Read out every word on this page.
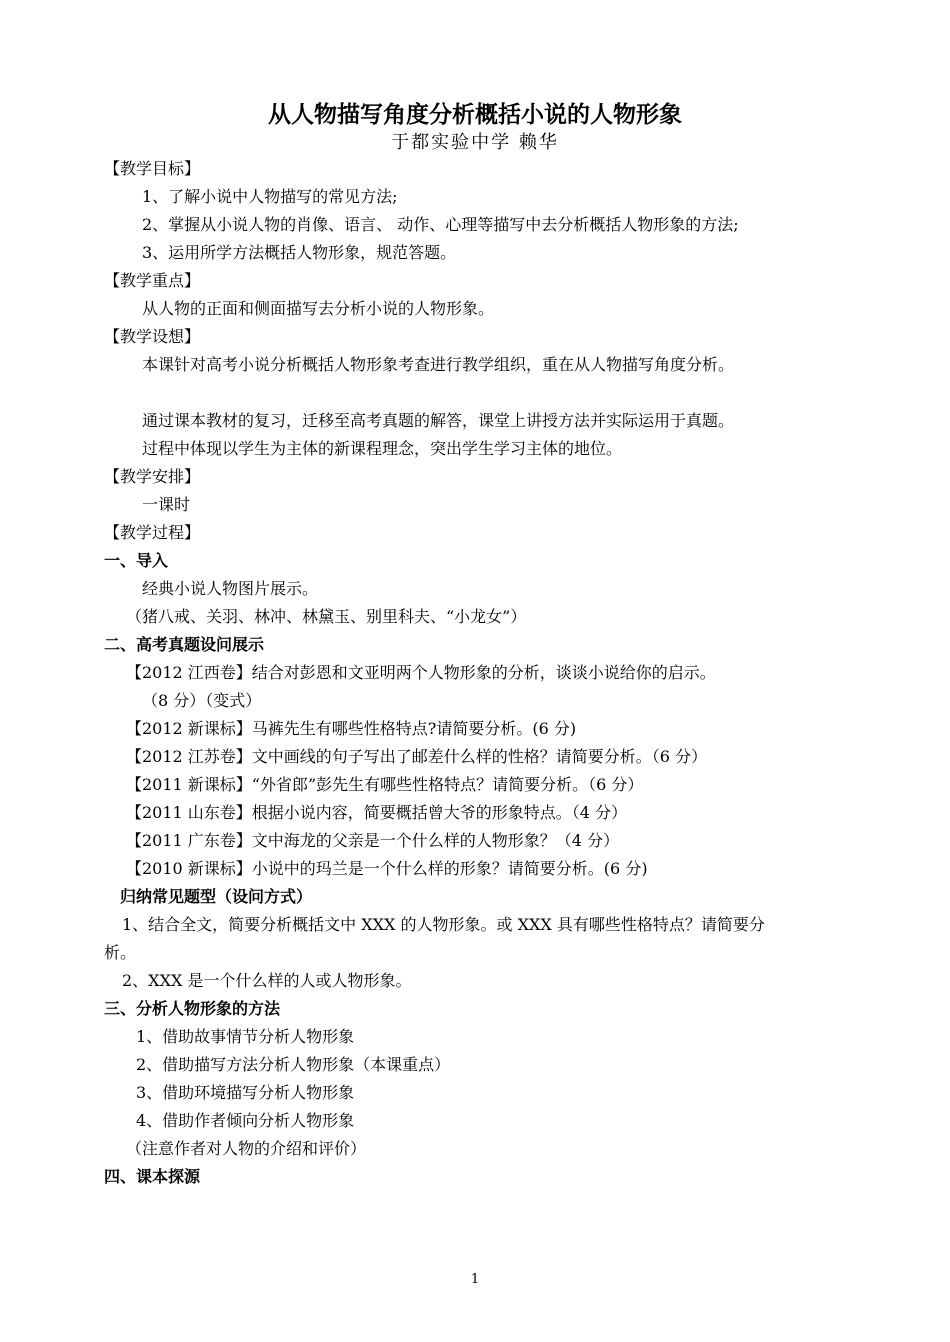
从人物描写角度分析概括小说的人物形象
于都实验中学 赖华
【教学目标】
1、了解小说中人物描写的常见方法;
2、掌握从小说人物的肖像、语言、 动作、心理等描写中去分析概括人物形象的方法;
3、运用所学方法概括人物形象，规范答题。
【教学重点】
从人物的正面和侧面描写去分析小说的人物形象。
【教学设想】
本课针对高考小说分析概括人物形象考查进行教学组织，重在从人物描写角度分析。
通过课本教材的复习，迁移至高考真题的解答，课堂上讲授方法并实际运用于真题。
过程中体现以学生为主体的新课程理念，突出学生学习主体的地位。
【教学安排】
一课时
【教学过程】
一、导入
经典小说人物图片展示。
（猪八戒、关羽、林冲、林黛玉、别里科夫、“小龙女”）
二、高考真题设问展示
【2012 江西卷】结合对彭恩和文亚明两个人物形象的分析，谈谈小说给你的启示。
（8 分）（变式）
【2012 新课标】马裤先生有哪些性格特点?请简要分析。(6 分)
【2012 江苏卷】文中画线的句子写出了邮差什么样的性格？请简要分析。（6 分）
【2011 新课标】“外省郎”彭先生有哪些性格特点？请简要分析。（6 分）
【2011 山东卷】根据小说内容，简要概括曾大爷的形象特点。（4 分）
【2011 广东卷】文中海龙的父亲是一个什么样的人物形象？（4 分）
【2010 新课标】小说中的玛兰是一个什么样的形象？请简要分析。(6 分)
归纳常见题型（设问方式）
1、结合全文，简要分析概括文中 XXX 的人物形象。或 XXX 具有哪些性格特点？请简要分
析。
2、XXX 是一个什么样的人或人物形象。
三、分析人物形象的方法
1、借助故事情节分析人物形象
2、借助描写方法分析人物形象（本课重点）
3、借助环境描写分析人物形象
4、借助作者倾向分析人物形象
（注意作者对人物的介绍和评价）
四、课本探源
1
